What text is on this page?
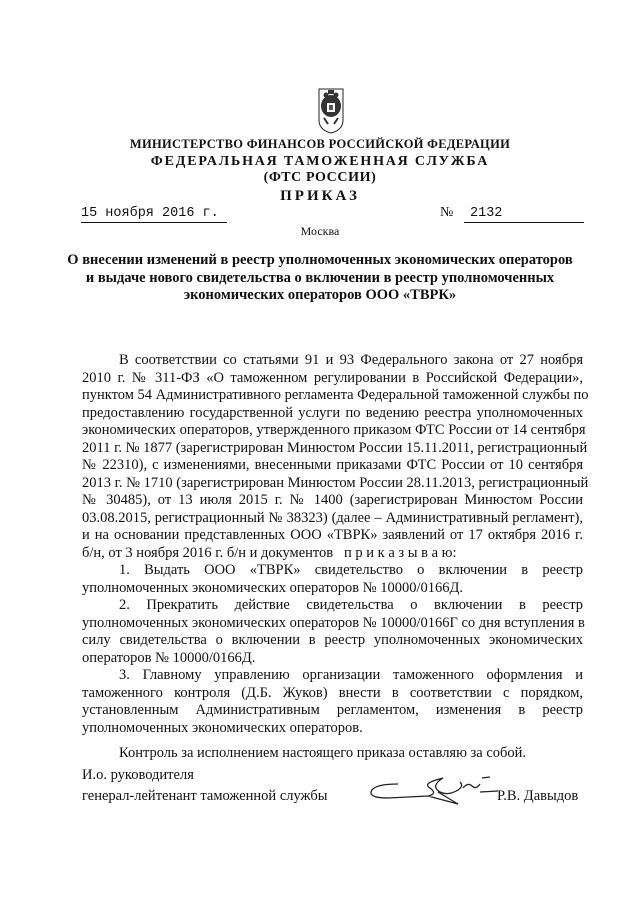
МИНИСТЕРСТВО ФИНАНСОВ РОССИЙСКОЙ ФЕДЕРАЦИИ
ФЕДЕРАЛЬНАЯ ТАМОЖЕННАЯ СЛУЖБА
(ФТС РОССИИ)
ПРИКАЗ
15 ноября 2016 г.	№	2132
Москва
О внесении изменений в реестр уполномоченных экономических операторов
и выдаче нового свидетельства о включении в реестр уполномоченных
экономических операторов ООО «ТВРК»
В соответствии со статьями 91 и 93 Федерального закона от 27 ноября
2010 г. № 311-ФЗ «О таможенном регулировании в Российской Федерации»,
пунктом 54 Административного регламента Федеральной таможенной службы по
предоставлению государственной услуги по ведению реестра уполномоченных
экономических операторов, утвержденного приказом ФТС России от 14 сентября
2011 г. № 1877 (зарегистрирован Минюстом России 15.11.2011, регистрационный
№ 22310), с изменениями, внесенными приказами ФТС России от 10 сентября
2013 г. № 1710 (зарегистрирован Минюстом России 28.11.2013, регистрационный
№ 30485), от 13 июля 2015 г. № 1400 (зарегистрирован Минюстом России
03.08.2015, регистрационный № 38323) (далее – Административный регламент),
и на основании представленных ООО «ТВРК» заявлений от 17 октября 2016 г.
б/н, от 3 ноября 2016 г. б/н и документов   п р и к а з ы в а ю:
1. Выдать ООО «ТВРК» свидетельство о включении в реестр
уполномоченных экономических операторов № 10000/0166Д.
2. Прекратить действие свидетельства о включении в реестр
уполномоченных экономических операторов № 10000/0166Г со дня вступления в
силу свидетельства о включении в реестр уполномоченных экономических
операторов № 10000/0166Д.
3. Главному управлению организации таможенного оформления и
таможенного контроля (Д.Б. Жуков) внести в соответствии с порядком,
установленным Административным регламентом, изменения в реестр
уполномоченных экономических операторов.
Контроль за исполнением настоящего приказа оставляю за собой.
И.о. руководителя
генерал-лейтенант таможенной службы	Р.В. Давыдов
